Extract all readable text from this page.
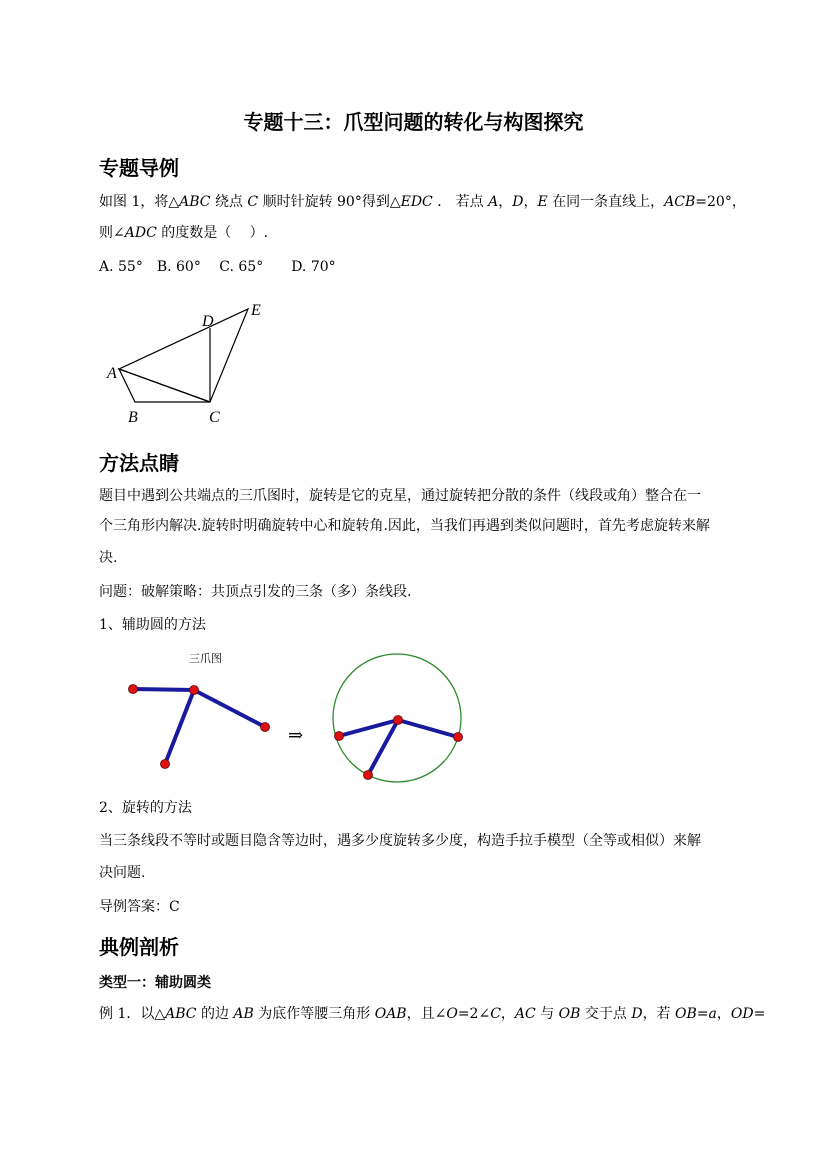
专题十三：爪型问题的转化与构图探究
专题导例
如图 1，将△ABC 绕点 C 顺时针旋转 90°得到△EDC ． 若点 A，D，E 在同一条直线上，ACB=20°，
则∠ADC 的度数是（　 ）.
A. 55°　B. 60°　 C. 65°　　D. 70°
A
B	C
D
E
方法点睛
题目中遇到公共端点的三爪图时，旋转是它的克星，通过旋转把分散的条件（线段或角）整合在一
个三角形内解决.旋转时明确旋转中心和旋转角.因此，当我们再遇到类似问题时，首先考虑旋转来解
决.
问题：破解策略：共顶点引发的三条（多）条线段.
1、辅助圆的方法
三爪图
⇒
2、旋转的方法
当三条线段不等时或题目隐含等边时，遇多少度旋转多少度，构造手拉手模型（全等或相似）来解
决问题.
导例答案：C
典例剖析
类型一：辅助圆类
例 1．以△ABC 的边 AB 为底作等腰三角形 OAB，且∠O=2∠C，AC 与 OB 交于点 D，若 OB=a，OD=
